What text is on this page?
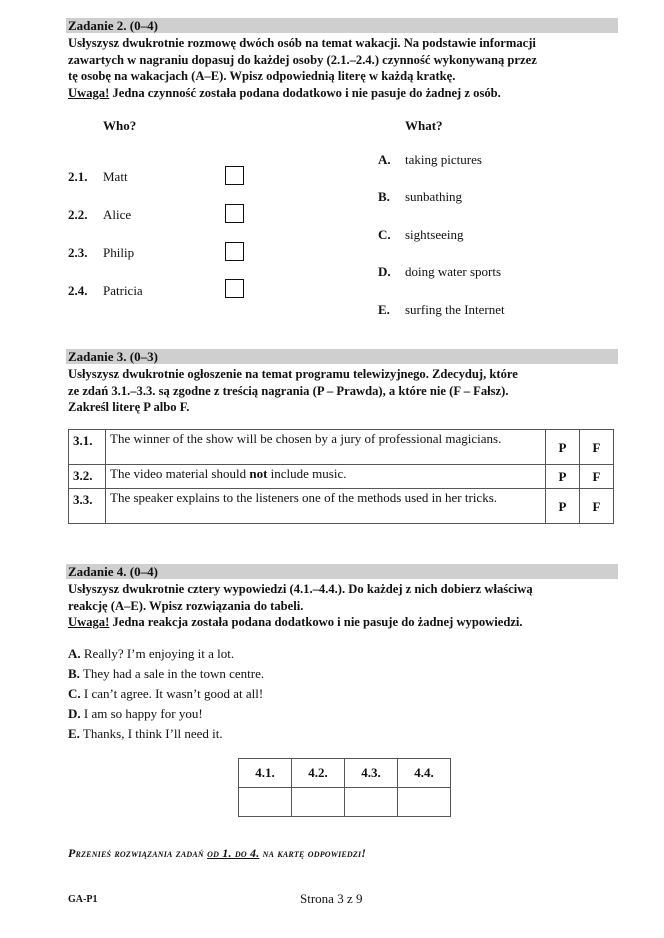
Zadanie 2. (0–4)
Usłyszysz dwukrotnie rozmowę dwóch osób na temat wakacji. Na podstawie informacji
zawartych w nagraniu dopasuj do każdej osoby (2.1.–2.4.) czynność wykonywaną przez
tę osobę na wakacjach (A–E). Wpisz odpowiednią literę w każdą kratkę.
Uwaga! Jedna czynność została podana dodatkowo i nie pasuje do żadnej z osób.
Who?	What?
2.1. Matt
2.2. Alice
2.3. Philip
2.4. Patricia
A. taking pictures
B. sunbathing
C. sightseeing
D. doing water sports
E. surfing the Internet
Zadanie 3. (0–3)
Usłyszysz dwukrotnie ogłoszenie na temat programu telewizyjnego. Zdecyduj, które
ze zdań 3.1.–3.3. są zgodne z treścią nagrania (P – Prawda), a które nie (F – Fałsz).
Zakreśl literę P albo F.
3.1.	The winner of the show will be chosen by a jury of professional magicians.	P	F
3.2.	The video material should not include music.	P	F
3.3.	The speaker explains to the listeners one of the methods used in her tricks.	P	F
Zadanie 4. (0–4)
Usłyszysz dwukrotnie cztery wypowiedzi (4.1.–4.4.). Do każdej z nich dobierz właściwą
reakcję (A–E). Wpisz rozwiązania do tabeli.
Uwaga! Jedna reakcja została podana dodatkowo i nie pasuje do żadnej wypowiedzi.
A. Really? I’m enjoying it a lot.
B. They had a sale in the town centre.
C. I can’t agree. It wasn’t good at all!
D. I am so happy for you!
E. Thanks, I think I’ll need it.
4.1.	4.2.	4.3.	4.4.

Przenieś rozwiązania zadań od 1. do 4. na kartę odpowiedzi!
GA-P1	Strona 3 z 9
